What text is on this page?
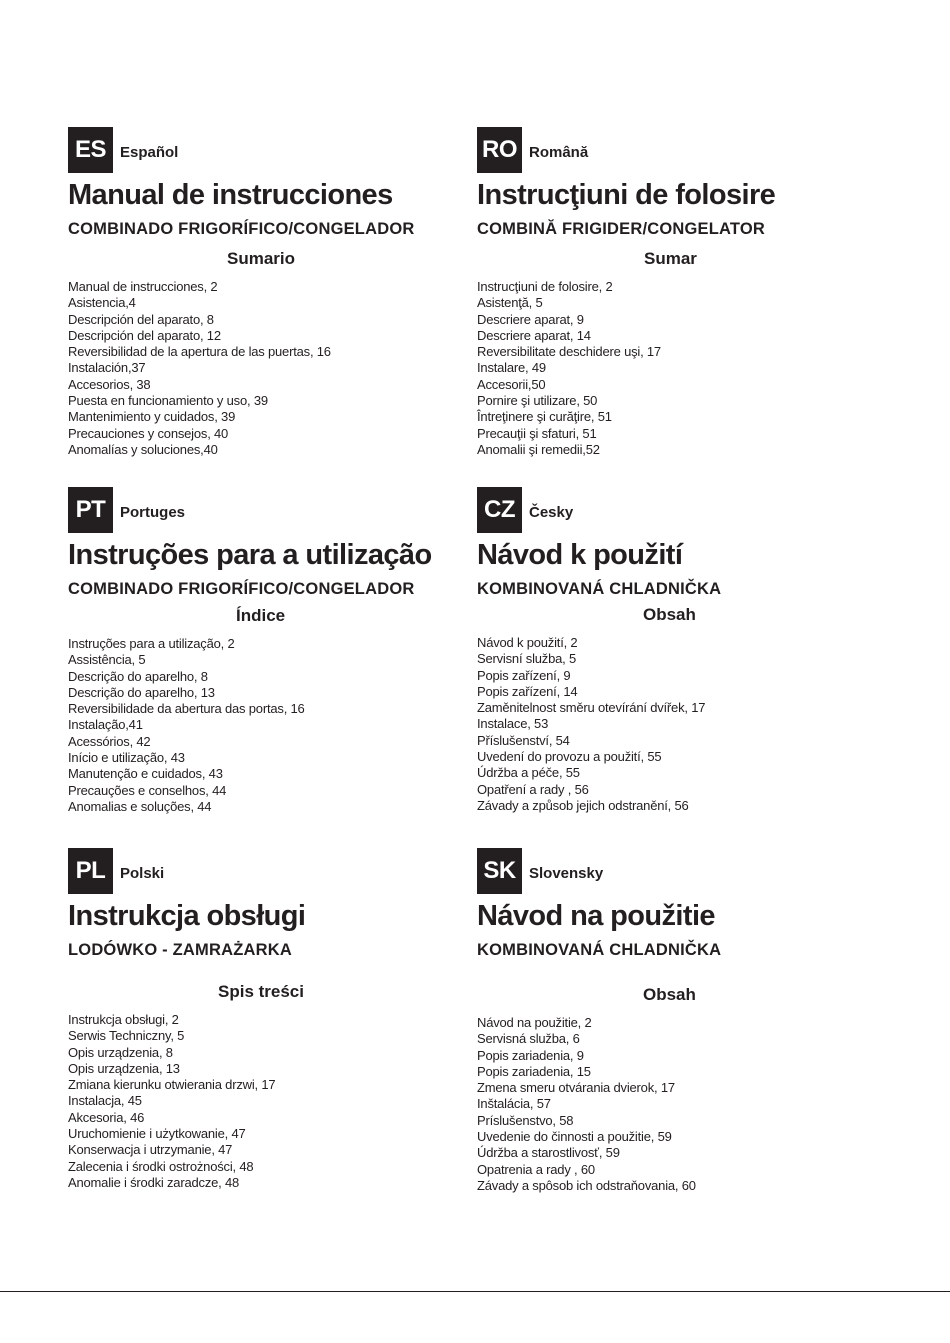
ES Español
Manual de instrucciones
COMBINADO FRIGORÍFICO/CONGELADOR
Sumario
Manual de instrucciones, 2
Asistencia,4
Descripción del aparato, 8
Descripción del aparato, 12
Reversibilidad de la apertura de las puertas, 16
Instalación,37
Accesorios, 38
Puesta en funcionamiento y uso, 39
Mantenimiento y cuidados, 39
Precauciones y consejos, 40
Anomalías y soluciones,40
RO Română
Instrucţiuni de folosire
COMBINĂ FRIGIDER/CONGELATOR
Sumar
Instrucţiuni de folosire, 2
Asistenţă, 5
Descriere aparat, 9
Descriere aparat, 14
Reversibilitate deschidere uşi, 17
Instalare, 49
Accesorii,50
Pornire şi utilizare, 50
Întreţinere şi curăţire, 51
Precauţii şi sfaturi, 51
Anomalii şi remedii,52
PT Portuges
Instruções para a utilização
COMBINADO FRIGORÍFICO/CONGELADOR
Índice
Instruções para a utilização, 2
Assistência, 5
Descrição do aparelho, 8
Descrição do aparelho, 13
Reversibilidade da abertura das portas, 16
Instalação,41
Acessórios, 42
Início e utilização, 43
Manutenção e cuidados, 43
Precauções e conselhos, 44
Anomalias e soluções, 44
CZ Česky
Návod k použití
KOMBINOVANÁ CHLADNIČKA
Obsah
Návod k použití, 2
Servisní služba, 5
Popis zařízení, 9
Popis zařízení, 14
Zaměnitelnost směru otevírání dvířek, 17
Instalace, 53
Příslušenství, 54
Uvedení do provozu a použití, 55
Údržba a péče, 55
Opatření a rady , 56
Závady a způsob jejich odstranění, 56
PL Polski
Instrukcja obsługi
LODÓWKO - ZAMRAŻARKA
Spis treści
Instrukcja obsługi, 2
Serwis Techniczny, 5
Opis urządzenia, 8
Opis urządzenia, 13
Zmiana kierunku otwierania drzwi, 17
Instalacja, 45
Akcesoria, 46
Uruchomienie i użytkowanie, 47
Konserwacja i utrzymanie, 47
Zalecenia i środki ostrożności, 48
Anomalie i środki zaradcze, 48
SK Slovensky
Návod na použitie
KOMBINOVANÁ CHLADNIČKA
Obsah
Návod na použitie, 2
Servisná služba, 6
Popis zariadenia, 9
Popis zariadenia, 15
Zmena smeru otvárania dvierok, 17
Inštalácia, 57
Príslušenstvo, 58
Uvedenie do činnosti a použitie, 59
Údržba a starostlivosť, 59
Opatrenia a rady , 60
Závady a spôsob ich odstraňovania, 60
